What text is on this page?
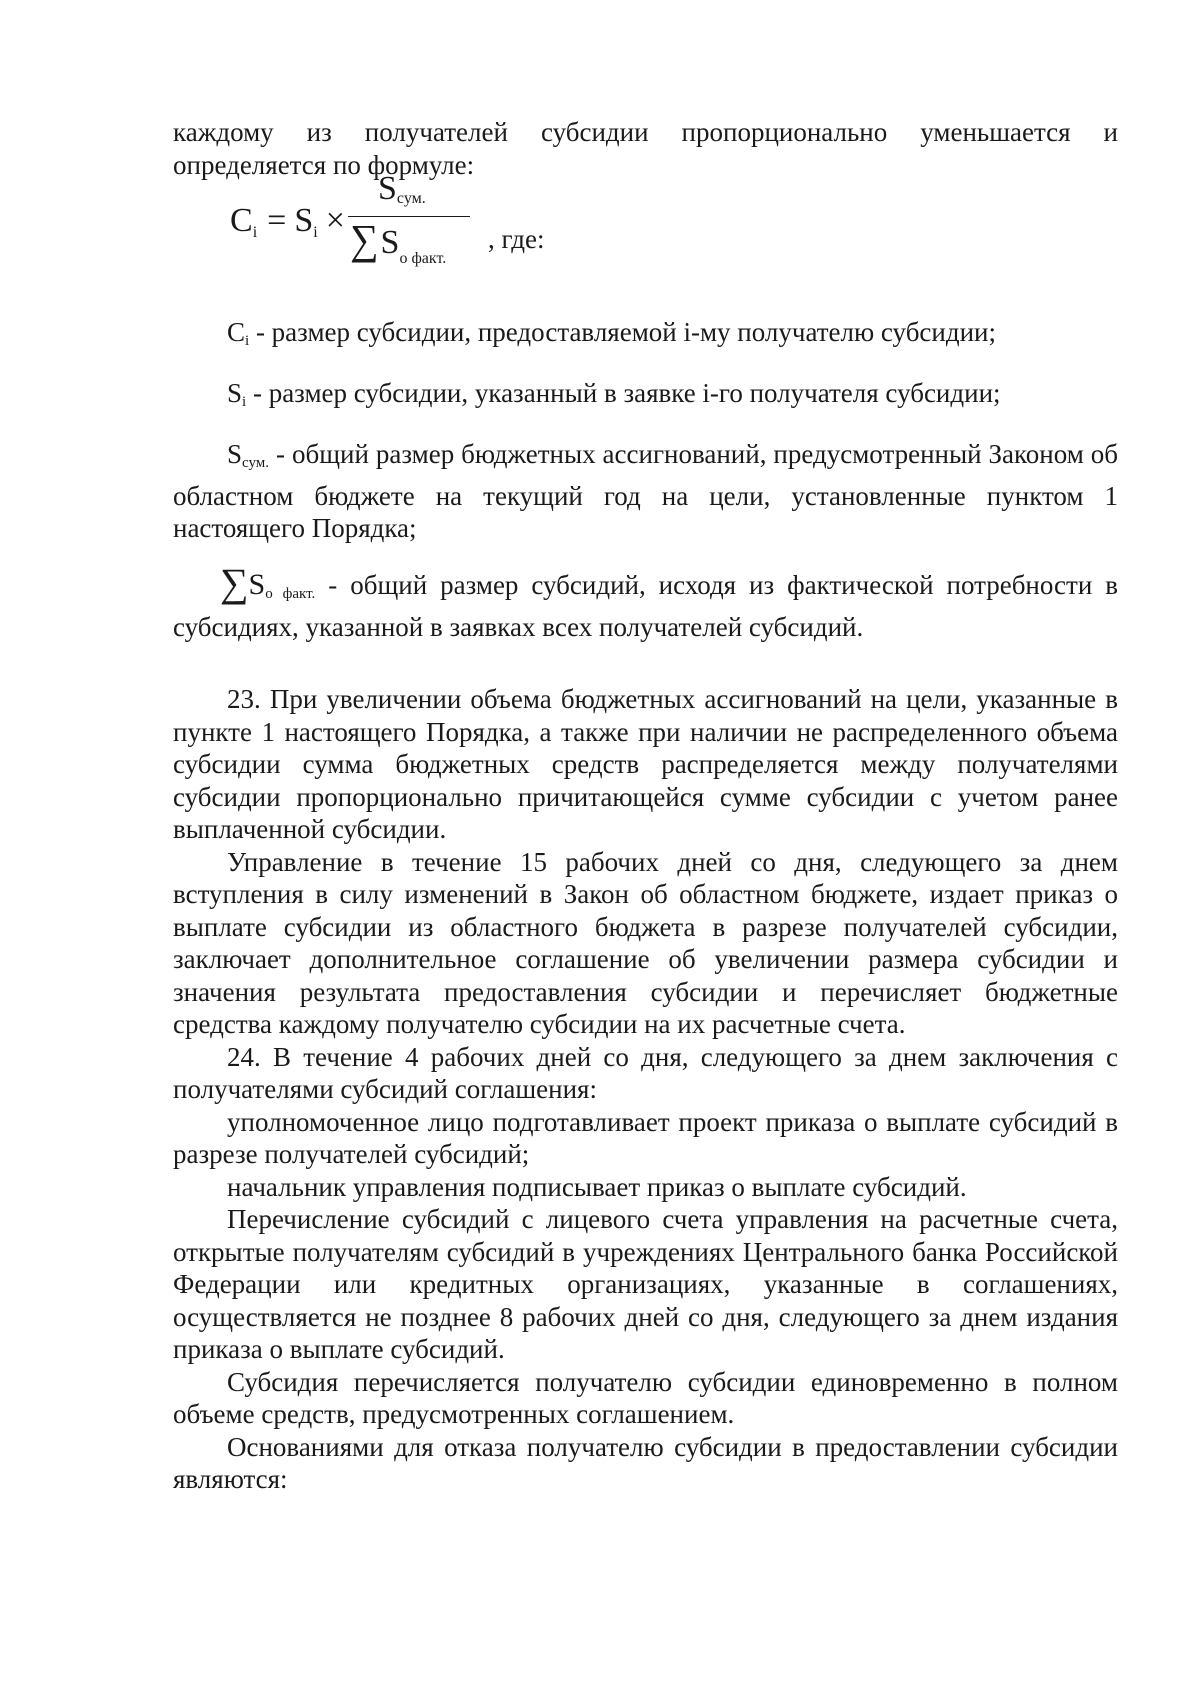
каждому из получателей субсидии пропорционально уменьшается и определяется по формуле:

Ci = Si ×
Sсум.
$\sum S_{о факт.}$
, где:

Ci - размер субсидии, предоставляемой i-му получателю субсидии;

Si - размер субсидии, указанный в заявке i-го получателя субсидии;

Sсум. - общий размер бюджетных ассигнований, предусмотренный Законом об областном бюджете на текущий год на цели, установленные пунктом 1 настоящего Порядка;

∑Sо факт. - общий размер субсидий, исходя из фактической потребности в субсидиях, указанной в заявках всех получателей субсидий.

23. При увеличении объема бюджетных ассигнований на цели, указанные в пункте 1 настоящего Порядка, а также при наличии не распределенного объема субсидии сумма бюджетных средств распределяется между получателями субсидии пропорционально причитающейся сумме субсидии с учетом ранее выплаченной субсидии.

Управление в течение 15 рабочих дней со дня, следующего за днем вступления в силу изменений в Закон об областном бюджете, издает приказ о выплате субсидии из областного бюджета в разрезе получателей субсидии, заключает дополнительное соглашение об увеличении размера субсидии и значения результата предоставления субсидии и перечисляет бюджетные средства каждому получателю субсидии на их расчетные счета.

24. В течение 4 рабочих дней со дня, следующего за днем заключения с получателями субсидий соглашения:

уполномоченное лицо подготавливает проект приказа о выплате субсидий в разрезе получателей субсидий;

начальник управления подписывает приказ о выплате субсидий.

Перечисление субсидий с лицевого счета управления на расчетные счета, открытые получателям субсидий в учреждениях Центрального банка Российской Федерации или кредитных организациях, указанные в соглашениях, осуществляется не позднее 8 рабочих дней со дня, следующего за днем издания приказа о выплате субсидий.

Субсидия перечисляется получателю субсидии единовременно в полном объеме средств, предусмотренных соглашением.

Основаниями для отказа получателю субсидии в предоставлении субсидии являются:
